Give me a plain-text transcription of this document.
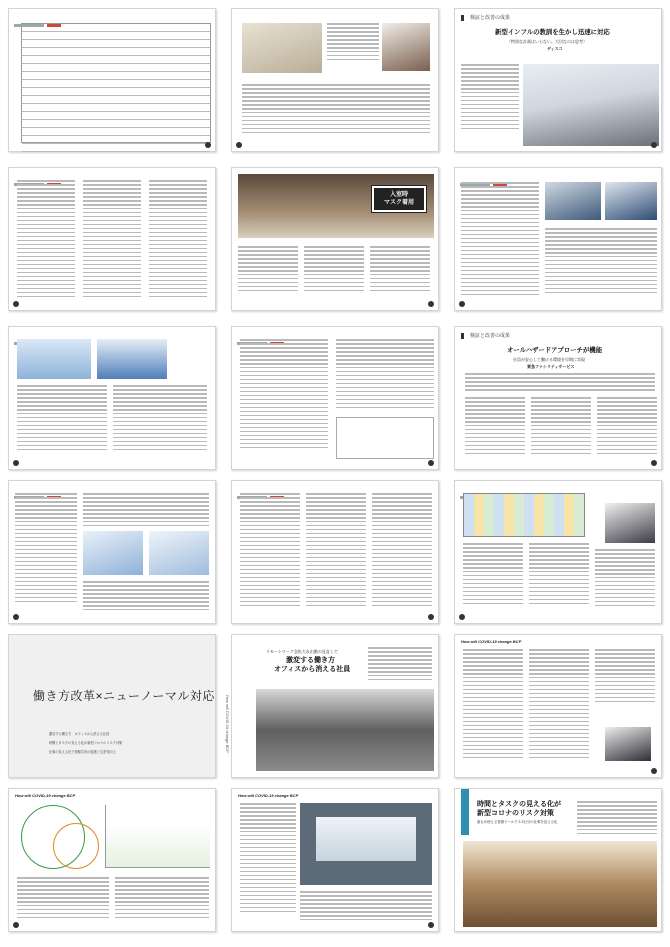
検証と改善の成果
新型インフルの教訓を生かし迅速に対応
（特別な計画はいらない。大切なのは思考）
ディスコ
入室時
マスク着用
検証と改善の成果
オールハザードアプローチが機能
社員が安心して働ける環境を早期に実現
東急ファシリティサービス
働き方改革×ニューノーマル対応
激変する働き方　オフィスから消える社員
時間とタスクの見える化が新型コロナのリスク対策
仕事の見える化で情報共有の促進と生産性向上	How will COVID-19 change BCP
リモートワーク急拡大＆出勤の見直しで
激変する働き方
オフィスから消える社員
How will COVID-19 change BCP
How will COVID-19 change BCP	How will COVID-19 change BCP
時間とタスクの見える化が
新型コロナのリスク対策
誰もが使える管理ツールで 2-3日分の仕事を見える化
